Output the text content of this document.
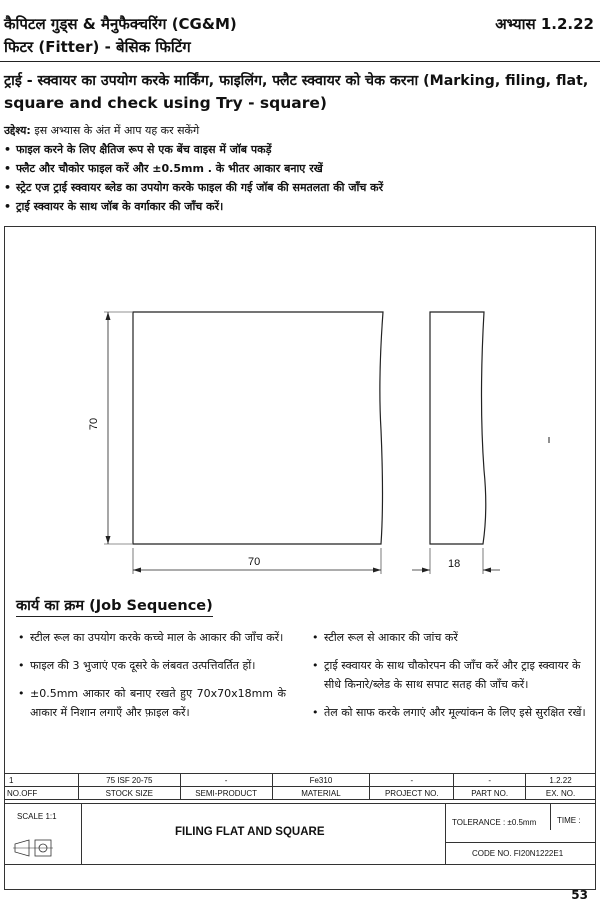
कैपिटल गुड्स & मैनुफैक्चरिंग (CG&M)
फिटर (Fitter) - बेसिक फिटिंग
अभ्यास 1.2.22
ट्राई - स्क्वायर का उपयोग करके मार्किंग, फाइलिंग, फ्लैट स्क्वायर को चेक करना (Marking, filing, flat,
square and check using Try - square)
उद्देश्य: इस अभ्यास के अंत में आप यह कर सकेंगे
• फाइल करने के लिए क्षैतिज रूप से एक बेंच वाइस में जॉब पकड़ें
• फ्लैट और चौकोर फाइल करें और ±0.5mm . के भीतर आकार बनाए रखें
• स्ट्रेट एज ट्राई स्क्वायर ब्लेड का उपयोग करके फाइल की गई जॉब की समतलता की जाँच करें
• ट्राई स्क्वायर के साथ जॉब के वर्गाकार की जाँच करें।
70
70	18
कार्य का क्रम (Job Sequence)
• स्टील रूल का उपयोग करके कच्चे माल के आकार की जाँच करें।
• फाइल की 3 भुजाएं एक दूसरे के लंबवत उत्पत्तिवर्तित हों।
• ±0.5mm आकार को बनाए रखते हुए 70x70x18mm के आकार में निशान लगाएँ और फ़ाइल करें।
• स्टील रूल से आकार की जांच करें
• ट्राई स्क्वायर के साथ चौकोरपन की जाँच करें और ट्राइ स्क्वायर के सीधे किनारे/ब्लेड के साथ सपाट सतह की जाँच करें।
• तेल को साफ करके लगाएं और मूल्यांकन के लिए इसे सुरक्षित रखें।
1	75 ISF 20-75	-	Fe310	-	-	1.2.22
NO.OFF	STOCK SIZE	SEMI-PRODUCT	MATERIAL	PROJECT NO.	PART NO.	EX. NO.
SCALE 1:1
FILING FLAT AND SQUARE
TOLERANCE : ±0.5mm	TIME :
CODE NO. FI20N1222E1
53
